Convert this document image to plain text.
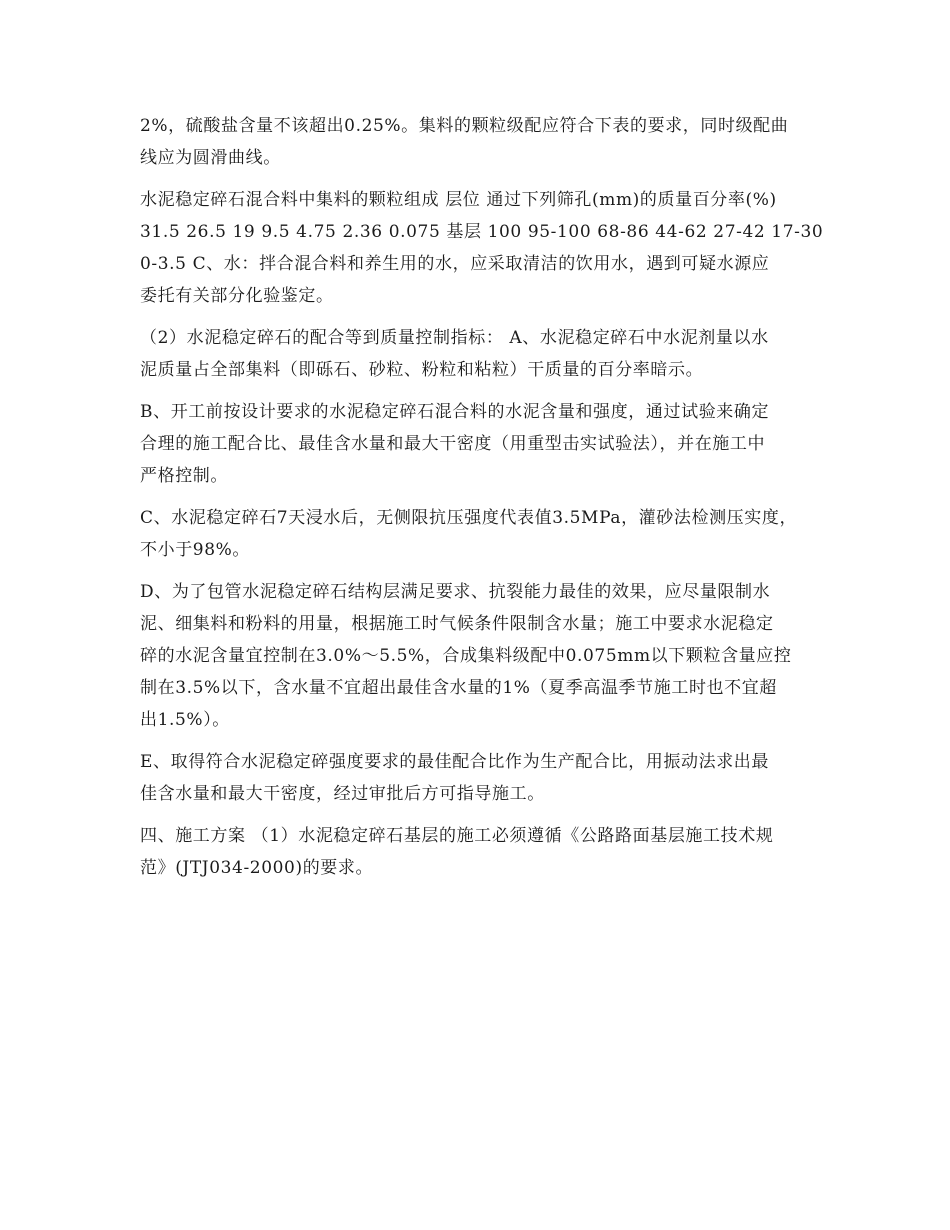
2%，硫酸盐含量不该超出0.25%。集料的颗粒级配应符合下表的要求，同时级配曲
线应为圆滑曲线。
水泥稳定碎石混合料中集料的颗粒组成 层位 通过下列筛孔(mm)的质量百分率(%)
31.5 26.5 19 9.5 4.75 2.36 0.075 基层 100 95-100 68-86 44-62 27-42 17-30
0-3.5 C、水：拌合混合料和养生用的水，应采取清洁的饮用水，遇到可疑水源应
委托有关部分化验鉴定。
（2）水泥稳定碎石的配合等到质量控制指标： A、水泥稳定碎石中水泥剂量以水
泥质量占全部集料（即砾石、砂粒、粉粒和粘粒）干质量的百分率暗示。
B、开工前按设计要求的水泥稳定碎石混合料的水泥含量和强度，通过试验来确定
合理的施工配合比、最佳含水量和最大干密度（用重型击实试验法），并在施工中
严格控制。
C、水泥稳定碎石7天浸水后，无侧限抗压强度代表值3.5MPa，灌砂法检测压实度，
不小于98%。
D、为了包管水泥稳定碎石结构层满足要求、抗裂能力最佳的效果，应尽量限制水
泥、细集料和粉料的用量，根据施工时气候条件限制含水量；施工中要求水泥稳定
碎的水泥含量宜控制在3.0%～5.5%，合成集料级配中0.075mm以下颗粒含量应控
制在3.5%以下，含水量不宜超出最佳含水量的1%（夏季高温季节施工时也不宜超
出1.5%）。
E、取得符合水泥稳定碎强度要求的最佳配合比作为生产配合比，用振动法求出最
佳含水量和最大干密度，经过审批后方可指导施工。
四、施工方案 （1）水泥稳定碎石基层的施工必须遵循《公路路面基层施工技术规
范》(JTJ034-2000)的要求。
